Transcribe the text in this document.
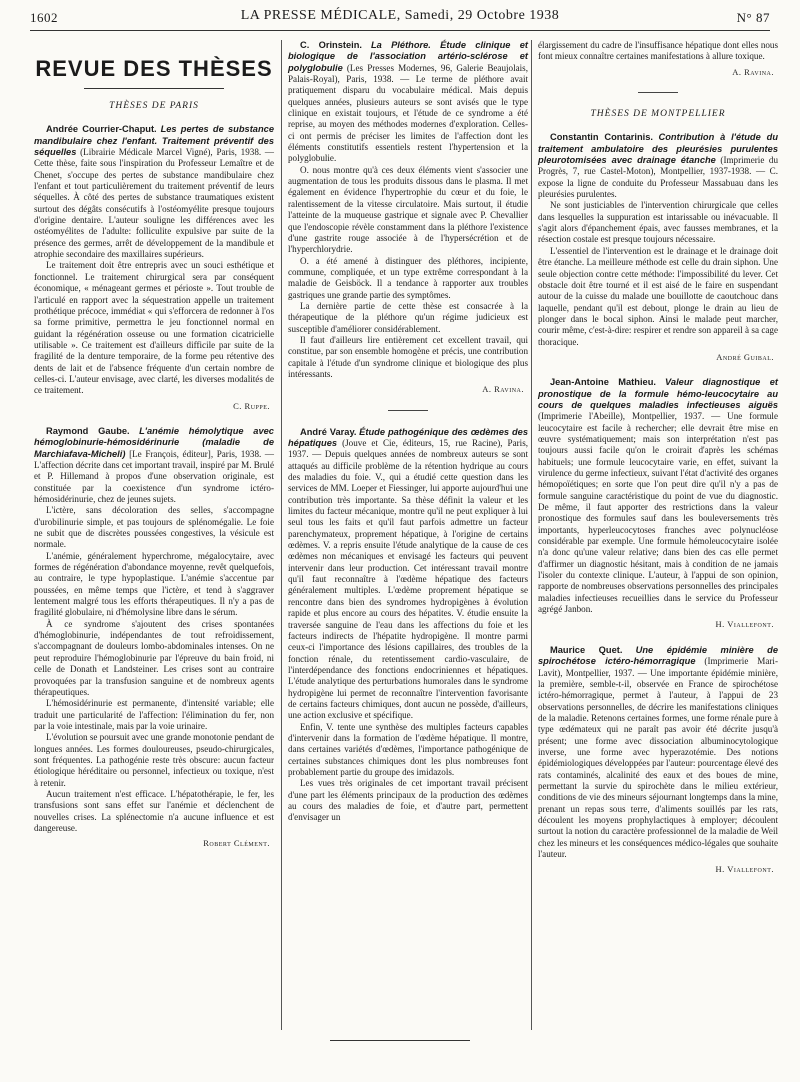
1602	LA PRESSE MÉDICALE, Samedi, 29 Octobre 1938	N° 87
REVUE DES THÈSES
THÈSES DE PARIS

Andrée Courrier-Chaput. Les pertes de substance mandibulaire chez l'enfant. Traitement préventif des séquelles (Librairie Médicale Marcel Vigné), Paris, 1938. — Cette thèse, faite sous l'inspiration du Professeur Lemaître et de Chenet, s'occupe des pertes de substance mandibulaire chez l'enfant et tout particulièrement du traitement préventif de leurs séquelles. À côté des pertes de substance traumatiques existent surtout des dégâts consécutifs à l'ostéomyélite presque toujours d'origine dentaire. L'auteur souligne les différences avec les ostéomyélites de l'adulte: folliculite expulsive par suite de la présence des germes, arrêt de développement de la mandibule et atrophie secondaire des maxillaires supérieurs.

Le traitement doit être entrepris avec un souci esthétique et fonctionnel. Le traitement chirurgical sera par conséquent économique, « ménageant germes et périoste ». Tout trouble de l'articulé en rapport avec la séquestration appelle un traitement prothétique précoce, immédiat « qui s'efforcera de redonner à l'os sa forme primitive, permettra le jeu fonctionnel normal en guidant la régénération osseuse ou une formation cicatricielle utilisable ». Ce traitement est d'ailleurs difficile par suite de la fragilité de la denture temporaire, de la forme peu rétentive des dents de lait et de l'absence fréquente d'un certain nombre de celles-ci. L'auteur envisage, avec clarté, les diverses modalités de ce traitement.

C. Ruppe.

Raymond Gaube. L'anémie hémolytique avec hémoglobinurie-hémosidérinurie (maladie de Marchiafava-Micheli) [Le François, éditeur], Paris, 1938. — L'affection décrite dans cet important travail, inspiré par M. Brulé et P. Hillemand à propos d'une observation originale, est constituée par la coexistence d'un syndrome ictéro-hémosidérinurie, chez de jeunes sujets.

L'ictère, sans décoloration des selles, s'accompagne d'urobilinurie simple, et pas toujours de splénomégalie. Le foie ne subit que de discrètes poussées congestives, la vésicule est normale.

L'anémie, généralement hyperchrome, mégalocytaire, avec formes de régénération d'abondance moyenne, revêt quelquefois, au contraire, le type hypoplastique. L'anémie s'accentue par poussées, en même temps que l'ictère, et tend à s'aggraver lentement malgré tous les efforts thérapeutiques. Il n'y a pas de fragilité globulaire, ni d'hémolysine libre dans le sérum.

À ce syndrome s'ajoutent des crises spontanées d'hémoglobinurie, indépendantes de tout refroidissement, s'accompagnant de douleurs lombo-abdominales intenses. On ne peut reproduire l'hémoglobinurie par l'épreuve du bain froid, ni celle de Donath et Landsteiner. Les crises sont au contraire provoquées par la transfusion sanguine et de nombreux agents thérapeutiques.

L'hémosidérinurie est permanente, d'intensité variable; elle traduit une particularité de l'affection: l'élimination du fer, non par la voie intestinale, mais par la voie urinaire.

L'évolution se poursuit avec une grande monotonie pendant de longues années. Les formes douloureuses, pseudo-chirurgicales, sont fréquentes. La pathogénie reste très obscure: aucun facteur étiologique héréditaire ou personnel, infectieux ou toxique, n'est à retenir.

Aucun traitement n'est efficace. L'hépatothérapie, le fer, les transfusions sont sans effet sur l'anémie et déclenchent de nouvelles crises. La splénectomie n'a aucune influence et est dangereuse.

Robert Clément.

C. Orinstein. La Pléthore. Étude clinique et biologique de l'association artério-sclérose et polyglobulie (Les Presses Modernes, 96, Galerie Beaujolais, Palais-Royal), Paris, 1938. — Le terme de pléthore avait pratiquement disparu du vocabulaire médical. Mais depuis quelques années, plusieurs auteurs se sont avisés que le type clinique en existait toujours, et l'étude de ce syndrome a été reprise, au moyen des méthodes modernes d'exploration. Celles-ci ont permis de préciser les limites de l'affection dont les éléments constitutifs essentiels restent l'hypertension et la polyglobulie.

O. nous montre qu'à ces deux éléments vient s'associer une augmentation de tous les produits dissous dans le plasma. Il met également en évidence l'hypertrophie du cœur et du foie, le ralentissement de la vitesse circulatoire. Mais surtout, il étudie l'atteinte de la muqueuse gastrique et signale avec P. Chevallier que l'endoscopie révèle constamment dans la pléthore l'existence d'une gastrite rouge associée à de l'hypersécrétion et de l'hyperchlorydrie.

O. a été amené à distinguer des pléthores, incipiente, commune, compliquée, et un type extrême correspondant à la maladie de Geisböck. Il a tendance à rapporter aux troubles gastriques une grande partie des symptômes.

La dernière partie de cette thèse est consacrée à la thérapeutique de la pléthore qu'un régime judicieux est susceptible d'améliorer considérablement.

Il faut d'ailleurs lire entièrement cet excellent travail, qui constitue, par son ensemble homogène et précis, une contribution capitale à l'étude d'un syndrome clinique et biologique des plus intéressants.

A. Ravina.

André Varay. Étude pathogénique des œdèmes des hépatiques (Jouve et Cie, éditeurs, 15, rue Racine), Paris, 1937. — Depuis quelques années de nombreux auteurs se sont attaqués au difficile problème de la rétention hydrique au cours des maladies du foie. V., qui a étudié cette question dans les services de MM. Loeper et Fiessinger, lui apporte aujourd'hui une contribution très importante. Sa thèse définit la valeur et les limites du facteur mécanique, montre qu'il ne peut expliquer à lui seul tous les faits et qu'il faut parfois admettre un facteur parenchymateux, proprement hépatique, à l'origine de certains œdèmes. V. a repris ensuite l'étude analytique de la cause de ces œdèmes non mécaniques et envisagé les facteurs qui peuvent intervenir dans leur production. Cet intéressant travail montre qu'il faut reconnaître à l'œdème hépatique des facteurs généralement multiples. L'œdème proprement hépatique se rencontre dans bien des syndromes hydropigènes à évolution rapide et plus encore au cours des hépatites. V. étudie ensuite la traversée sanguine de l'eau dans les affections du foie et les facteurs indirects de l'hépatite hydropigène. Il montre parmi ceux-ci l'importance des lésions capillaires, des troubles de la fonction rénale, du retentissement cardio-vasculaire, de l'interdépendance des fonctions endocriniennes et hépatiques. L'étude analytique des perturbations humorales dans le syndrome hydropigène lui permet de reconnaître l'intervention favorisante de certains facteurs chimiques, dont aucun ne possède, d'ailleurs, une action exclusive et spécifique.

Enfin, V. tente une synthèse des multiples facteurs capables d'intervenir dans la formation de l'œdème hépatique. Il montre, dans certaines variétés d'œdèmes, l'importance pathogénique de certaines substances chimiques dont les plus nombreuses font probablement partie du groupe des imidazols.

Les vues très originales de cet important travail précisent d'une part les éléments principaux de la production des œdèmes au cours des maladies de foie, et d'autre part, permettent d'envisager un

élargissement du cadre de l'insuffisance hépatique dont elles nous font mieux connaître certaines manifestations à allure toxique.

A. Ravina.
THÈSES DE MONTPELLIER

Constantin Contarinis. Contribution à l'étude du traitement ambulatoire des pleurésies purulentes pleurotomisées avec drainage étanche (Imprimerie du Progrès, 7, rue Castel-Moton), Montpellier, 1937-1938. — C. expose la ligne de conduite du Professeur Massabuau dans les pleurésies purulentes.

Ne sont justiciables de l'intervention chirurgicale que celles dans lesquelles la suppuration est intarissable ou inévacuable. Il s'agit alors d'épanchement épais, avec fausses membranes, et la résection costale est presque toujours nécessaire.

L'essentiel de l'intervention est le drainage et le drainage doit être étanche. La meilleure méthode est celle du drain siphon. Une seule objection contre cette méthode: l'impossibilité du lever. Cet obstacle doit être tourné et il est aisé de le faire en suspendant autour de la cuisse du malade une bouillotte de caoutchouc dans laquelle, pendant qu'il est debout, plonge le drain au lieu de plonger dans le bocal siphon. Ainsi le malade peut marcher, courir même, c'est-à-dire: respirer et rendre son appareil à sa cage thoracique.

André Guibal.

Jean-Antoine Mathieu. Valeur diagnostique et pronostique de la formule hémo-leucocytaire au cours de quelques maladies infectieuses aiguës (Imprimerie l'Abeille), Montpellier, 1937. — Une formule leucocytaire est facile à rechercher; elle devrait être mise en œuvre systématiquement; mais son interprétation n'est pas toujours aussi facile qu'on le croirait d'après les schémas habituels; une formule leucocytaire varie, en effet, suivant la virulence du germe infectieux, suivant l'état d'activité des organes hémopoïétiques; en sorte que l'on peut dire qu'il n'y a pas de formule sanguine caractéristique du point de vue du diagnostic. De même, il faut apporter des restrictions dans la valeur pronostique des formules sauf dans les bouleversements très importants, hyperleucocytoses franches avec polynucléose considérable par exemple. Une formule hémoleucocytaire isolée n'a donc qu'une valeur relative; dans bien des cas elle permet d'affirmer un diagnostic hésitant, mais à condition de ne jamais l'isoler du contexte clinique. L'auteur, à l'appui de son opinion, rapporte de nombreuses observations personnelles des principales maladies infectieuses recueillies dans le service du Professeur agrégé Janbon.

H. Viallefont.

Maurice Quet. Une épidémie minière de spirochétose ictéro-hémorragique (Imprimerie Mari-Lavit), Montpellier, 1937. — Une importante épidémie minière, la première, semble-t-il, observée en France de spirochétose ictéro-hémorragique, permet à l'auteur, à l'appui de 23 observations personnelles, de décrire les manifestations cliniques de la maladie. Retenons certaines formes, une forme rénale pure à type œdémateux qui ne paraît pas avoir été décrite jusqu'à présent; une forme avec dissociation albuminocytologique inverse, une forme avec hyperazotémie. Des notions épidémiologiques développées par l'auteur: pourcentage élevé des rats contaminés, alcalinité des eaux et des boues de mine, permettant la survie du spirochète dans le milieu extérieur, conditions de vie des mineurs séjournant longtemps dans la mine, prenant un repas sous terre, d'aliments souillés par les rats, découlent les moyens prophylactiques à employer; découlent surtout la notion du caractère professionnel de la maladie de Weil chez les mineurs et les conséquences médico-légales que souhaite l'auteur.

H. Viallefont.
